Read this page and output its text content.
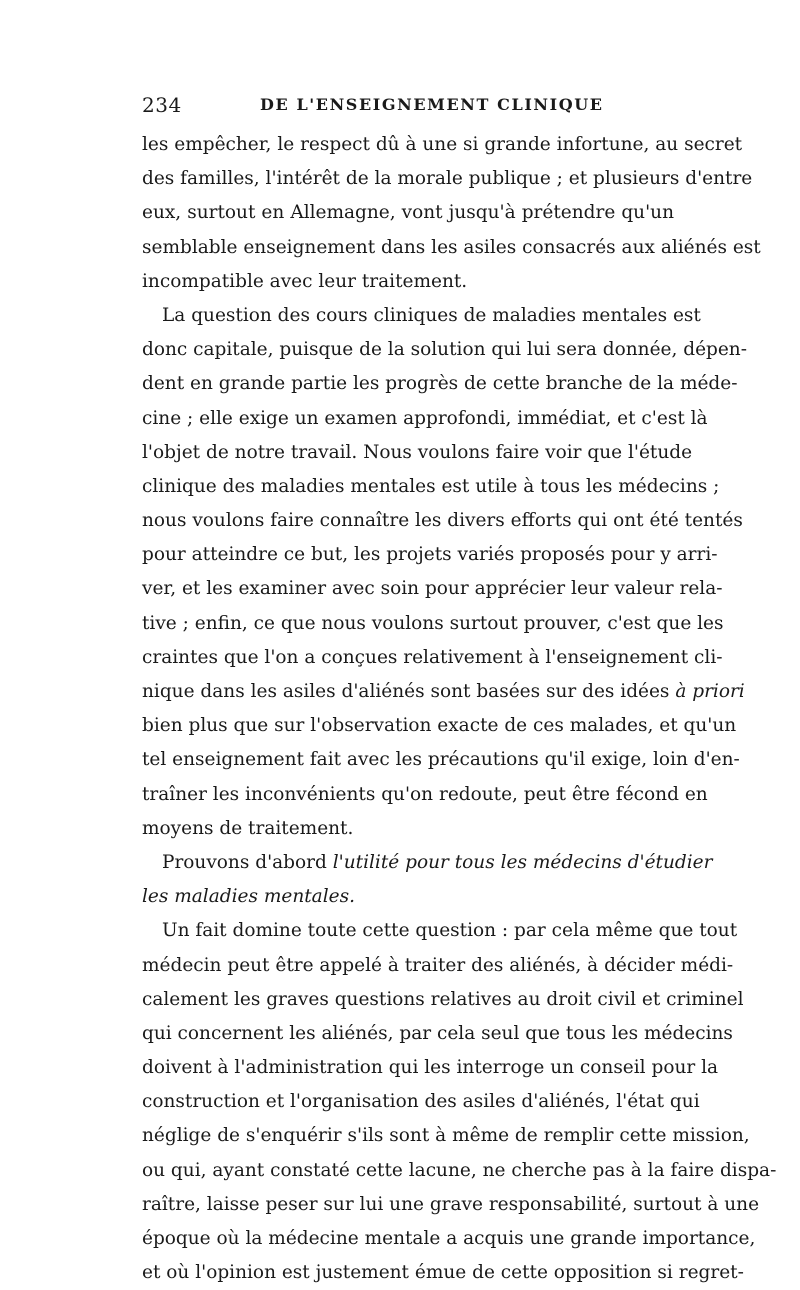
234	DE L'ENSEIGNEMENT CLINIQUE
les empêcher, le respect dû à une si grande infortune, au secret
des familles, l'intérêt de la morale publique ; et plusieurs d'entre
eux, surtout en Allemagne, vont jusqu'à prétendre qu'un
semblable enseignement dans les asiles consacrés aux aliénés est
incompatible avec leur traitement.
La question des cours cliniques de maladies mentales est
donc capitale, puisque de la solution qui lui sera donnée, dépen-
dent en grande partie les progrès de cette branche de la méde-
cine ; elle exige un examen approfondi, immédiat, et c'est là
l'objet de notre travail. Nous voulons faire voir que l'étude
clinique des maladies mentales est utile à tous les médecins ;
nous voulons faire connaître les divers efforts qui ont été tentés
pour atteindre ce but, les projets variés proposés pour y arri-
ver, et les examiner avec soin pour apprécier leur valeur rela-
tive ; enfin, ce que nous voulons surtout prouver, c'est que les
craintes que l'on a conçues relativement à l'enseignement cli-
nique dans les asiles d'aliénés sont basées sur des idées à priori
bien plus que sur l'observation exacte de ces malades, et qu'un
tel enseignement fait avec les précautions qu'il exige, loin d'en-
traîner les inconvénients qu'on redoute, peut être fécond en
moyens de traitement.
Prouvons d'abord l'utilité pour tous les médecins d'étudier
les maladies mentales.
Un fait domine toute cette question : par cela même que tout
médecin peut être appelé à traiter des aliénés, à décider médi-
calement les graves questions relatives au droit civil et criminel
qui concernent les aliénés, par cela seul que tous les médecins
doivent à l'administration qui les interroge un conseil pour la
construction et l'organisation des asiles d'aliénés, l'état qui
néglige de s'enquérir s'ils sont à même de remplir cette mission,
ou qui, ayant constaté cette lacune, ne cherche pas à la faire dispa-
raître, laisse peser sur lui une grave responsabilité, surtout à une
époque où la médecine mentale a acquis une grande importance,
et où l'opinion est justement émue de cette opposition si regret-
